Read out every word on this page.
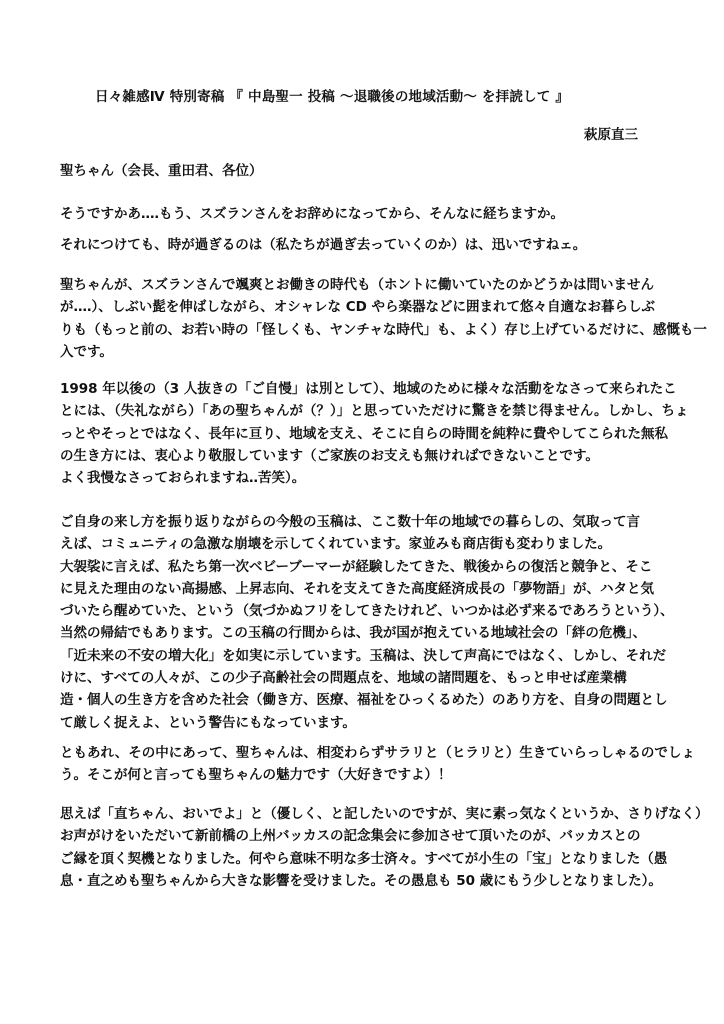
日々雑感Ⅳ 特別寄稿 『 中島聖一 投稿 ～退職後の地域活動～ を拝読して 』
萩原直三
聖ちゃん（会長、重田君、各位）
そうですかあ‥‥もう、スズランさんをお辞めになってから、そんなに経ちますか。
それにつけても、時が過ぎるのは（私たちが過ぎ去っていくのか）は、迅いですねェ。
聖ちゃんが、スズランさんで颯爽とお働きの時代も（ホントに働いていたのかどうかは問いません
が‥‥）、しぶい髭を伸ばしながら、オシャレな CD やら楽器などに囲まれて悠々自適なお暮らしぶ
りも（もっと前の、お若い時の「怪しくも、ヤンチャな時代」も、よく）存じ上げているだけに、感慨も一
入です。
1998 年以後の（3 人抜きの「ご自慢」は別として）、地域のために様々な活動をなさって来られたこ
とには、（失礼ながら）「あの聖ちゃんが（？）」と思っていただけに驚きを禁じ得ません。しかし、ちょ
っとやそっとではなく、長年に亘り、地域を支え、そこに自らの時間を純粋に費やしてこられた無私
の生き方には、衷心より敬服しています（ご家族のお支えも無ければできないことです。
よく我慢なさっておられますね‥苦笑）。
ご自身の来し方を振り返りながらの今般の玉稿は、ここ数十年の地域での暮らしの、気取って言
えば、コミュニティの急激な崩壊を示してくれています。家並みも商店街も変わりました。
大袈裟に言えば、私たち第一次ベビーブーマーが経験したてきた、戦後からの復活と競争と、そこ
に見えた理由のない高揚感、上昇志向、それを支えてきた高度経済成長の「夢物語」が、ハタと気
づいたら醒めていた、という（気づかぬフリをしてきたけれど、いつかは必ず来るであろうという）、
当然の帰結でもあります。この玉稿の行間からは、我が国が抱えている地域社会の「絆の危機」、
「近未来の不安の増大化」を如実に示しています。玉稿は、決して声高にではなく、しかし、それだ
けに、すべての人々が、この少子高齢社会の問題点を、地域の諸問題を、もっと申せば産業構
造・個人の生き方を含めた社会（働き方、医療、福祉をひっくるめた）のあり方を、自身の問題とし
て厳しく捉えよ、という警告にもなっています。
ともあれ、その中にあって、聖ちゃんは、相変わらずサラリと（ヒラリと）生きていらっしゃるのでしょ
う。そこが何と言っても聖ちゃんの魅力です（大好きですよ）！
思えば「直ちゃん、おいでよ」と（優しく、と記したいのですが、実に素っ気なくというか、さりげなく）
お声がけをいただいて新前橋の上州バッカスの記念集会に参加させて頂いたのが、バッカスとの
ご縁を頂く契機となりました。何やら意味不明な多士済々。すべてが小生の「宝」となりました（愚
息・直之めも聖ちゃんから大きな影響を受けました。その愚息も 50 歳にもう少しとなりました）。
